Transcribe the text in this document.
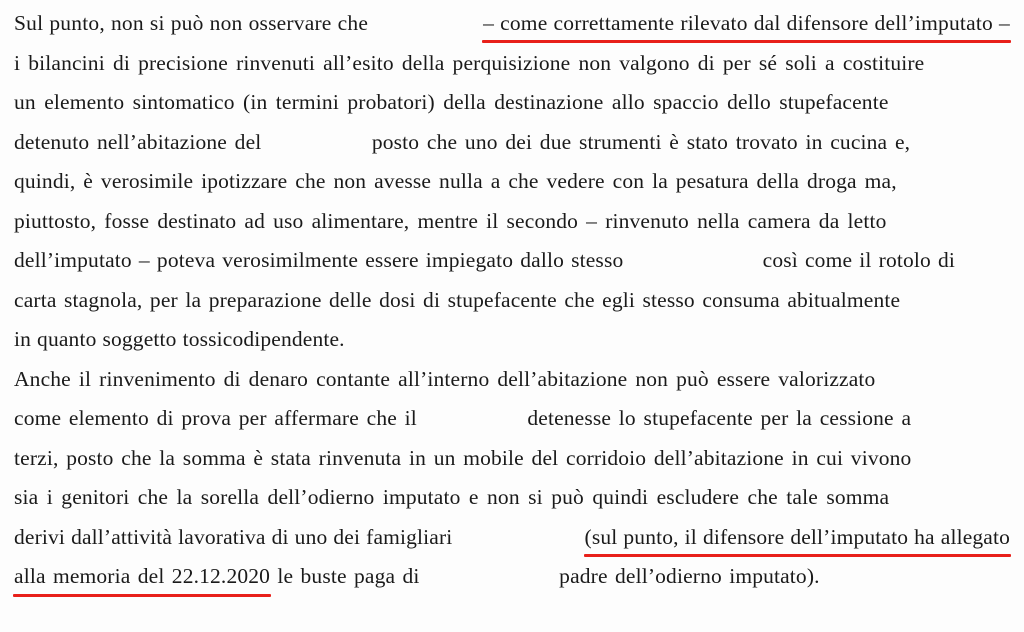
Sul punto, non si può non osservare che	– come correttamente rilevato dal difensore dell’imputato –
i bilancini di precisione rinvenuti all’esito della perquisizione non valgono di per sé soli a costituire
un elemento sintomatico (in termini probatori) della destinazione allo spaccio dello stupefacente
detenuto nell’abitazione del	posto che uno dei due strumenti è stato trovato in cucina e,
quindi, è verosimile ipotizzare che non avesse nulla a che vedere con la pesatura della droga ma,
piuttosto, fosse destinato ad uso alimentare, mentre il secondo – rinvenuto nella camera da letto
dell’imputato – poteva verosimilmente essere impiegato dallo stesso	così come il rotolo di
carta stagnola, per la preparazione delle dosi di stupefacente che egli stesso consuma abitualmente
in quanto soggetto tossicodipendente.
Anche il rinvenimento di denaro contante all’interno dell’abitazione non può essere valorizzato
come elemento di prova per affermare che il	detenesse lo stupefacente per la cessione a
terzi, posto che la somma è stata rinvenuta in un mobile del corridoio dell’abitazione in cui vivono
sia i genitori che la sorella dell’odierno imputato e non si può quindi escludere che tale somma
derivi dall’attività lavorativa di uno dei famigliari	(sul punto, il difensore dell’imputato ha allegato
alla memoria del 22.12.2020 le buste paga di	padre dell’odierno imputato).
